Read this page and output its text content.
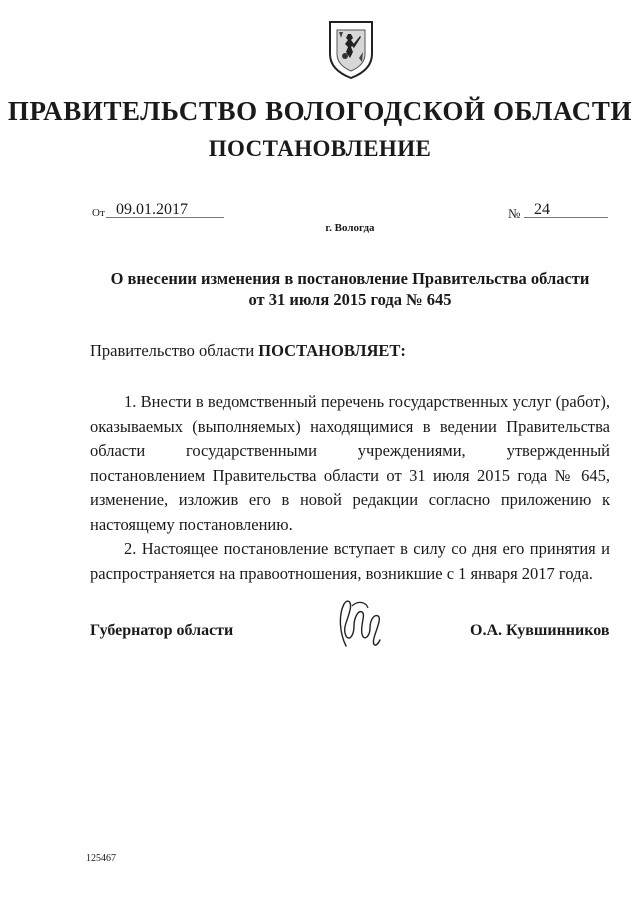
ПРАВИТЕЛЬСТВО ВОЛОГОДСКОЙ ОБЛАСТИ
ПОСТАНОВЛЕНИЕ
От 09.01.2017	№ 24
г. Вологда
О внесении изменения в постановление Правительства области
от 31 июля 2015 года № 645
Правительство области ПОСТАНОВЛЯЕТ:

1. Внести в ведомственный перечень государственных услуг (работ), оказываемых (выполняемых) находящимися в ведении Правительства области государственными учреждениями, утвержденный постановлением Правительства области от 31 июля 2015 года № 645, изменение, изложив его в новой редакции согласно приложению к настоящему постановлению.

2. Настоящее постановление вступает в силу со дня его принятия и распространяется на правоотношения, возникшие с 1 января 2017 года.

Губернатор области	О.А. Кувшинников
125467
